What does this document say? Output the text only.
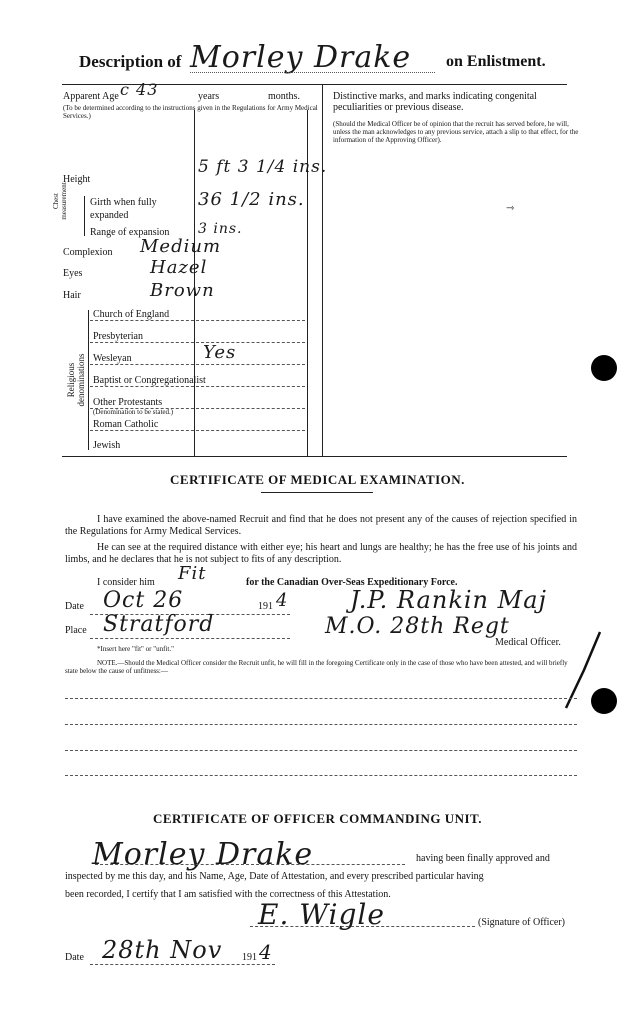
Description of Morley Drake on Enlistment.
Apparent Age c 43	years	months.
(To be determined according to the instructions given in the Regulations for Army Medical Services.)
Distinctive marks, and marks indicating congenital peculiarities or previous disease.
(Should the Medical Officer be of opinion that the recruit has served before, he will, unless the man acknowledges to any previous service, attach a slip to that effect, for the information of the Approving Officer).
⇾
Height
5 ft 3 1/4 ins.
Chest measurement Girth when fully expanded
36 1/2 ins.
Range of expansion 3 ins.
Complexion Medium
Eyes	Hazel
Hair	Brown
Religious denominations
Church of England
Presbyterian
Wesleyan	Yes
Baptist or Congregationalist
Other Protestants
(Denomination to be stated.)
Roman Catholic
Jewish
CERTIFICATE OF MEDICAL EXAMINATION.
I have examined the above-named Recruit and find that he does not present any of the causes of rejection specified in the Regulations for Army Medical Services.
He can see at the required distance with either eye; his heart and lungs are healthy; he has the free use of his joints and limbs, and he declares that he is not subject to fits of any description.
I consider him Fit	for the Canadian Over-Seas Expeditionary Force.
Date Oct 26	191 4
Place Stratford
J.P. Rankin Maj
M.O. 28th Regt
Medical Officer.
*Insert here "fit" or "unfit."
NOTE.—Should the Medical Officer consider the Recruit unfit, he will fill in the foregoing Certificate only in the case of those who have been attested, and will briefly state below the cause of unfitness:—
CERTIFICATE OF OFFICER COMMANDING UNIT.
Morley Drake	having been finally approved and
inspected by me this day, and his Name, Age, Date of Attestation, and every prescribed particular having
been recorded, I certify that I am satisfied with the correctness of this Attestation.
E. Wigle	(Signature of Officer)
Date 28th Nov 191 4
